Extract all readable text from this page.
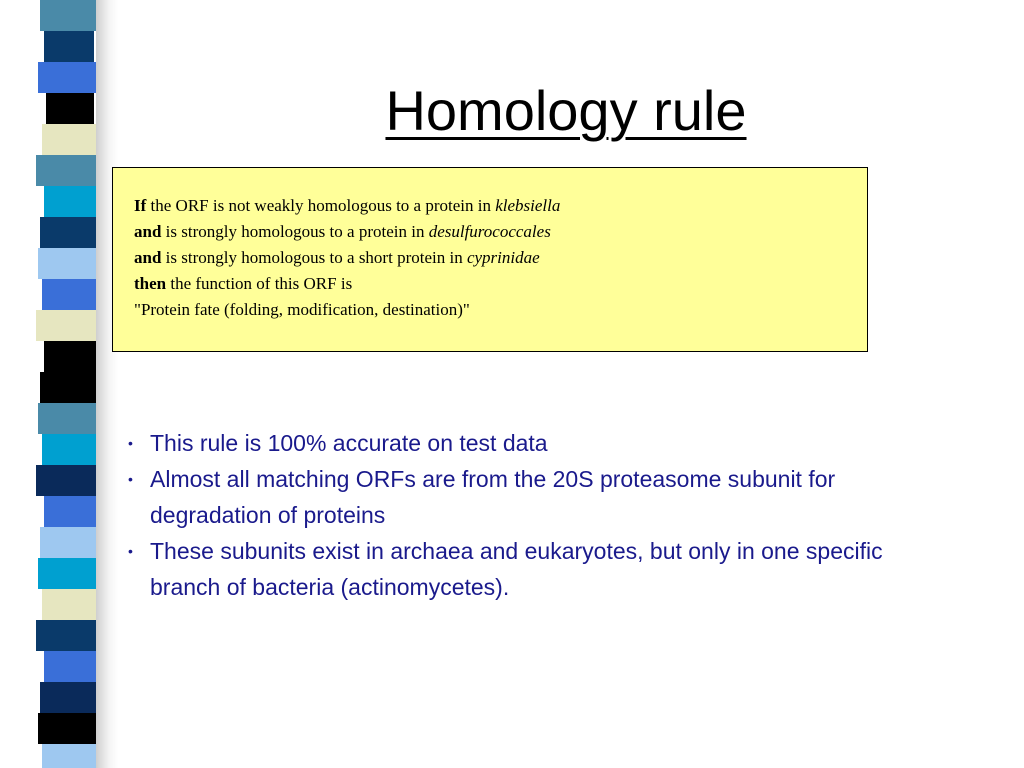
Homology rule
If the ORF is not weakly homologous to a protein in klebsiella
and is strongly homologous to a protein in desulfurococcales
and is strongly homologous to a short protein in cyprinidae
then the function of this ORF is
"Protein fate (folding, modification, destination)"
• This rule is 100% accurate on test data
• Almost all matching ORFs are from the 20S proteasome subunit for degradation of proteins
• These subunits exist in archaea and eukaryotes, but only in one specific branch of bacteria (actinomycetes).
